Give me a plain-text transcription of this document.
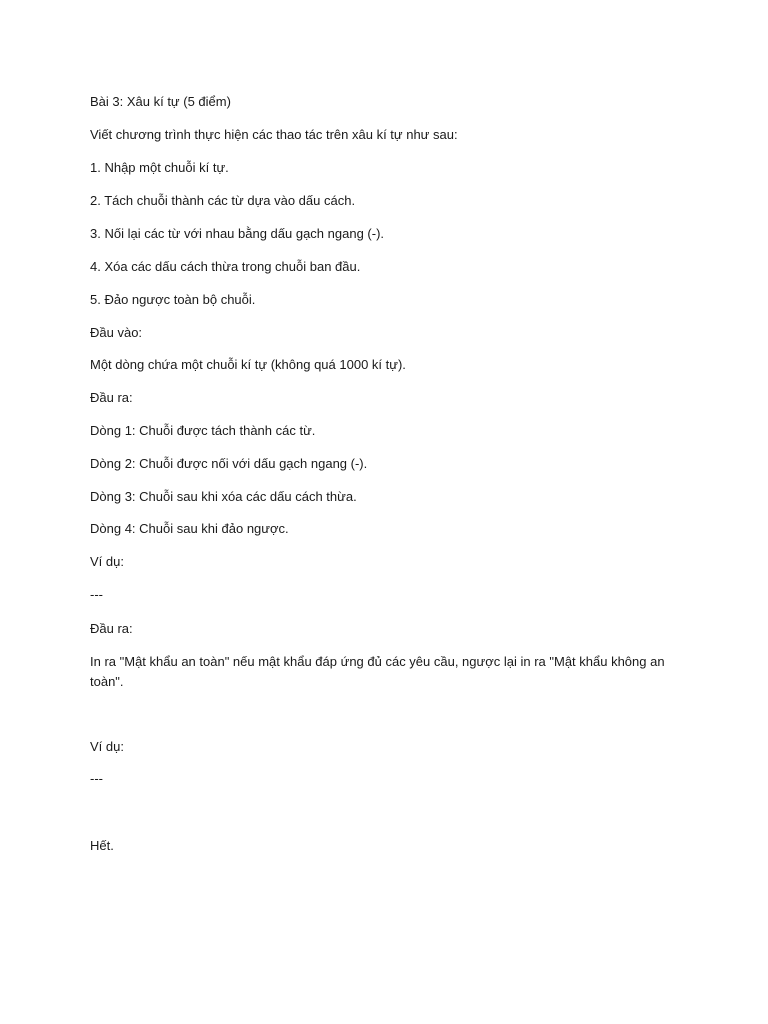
Bài 3: Xâu kí tự (5 điểm)
Viết chương trình thực hiện các thao tác trên xâu kí tự như sau:
1. Nhập một chuỗi kí tự.
2. Tách chuỗi thành các từ dựa vào dấu cách.
3. Nối lại các từ với nhau bằng dấu gạch ngang (-).
4. Xóa các dấu cách thừa trong chuỗi ban đầu.
5. Đảo ngược toàn bộ chuỗi.
Đầu vào:
Một dòng chứa một chuỗi kí tự (không quá 1000 kí tự).
Đầu ra:
Dòng 1: Chuỗi được tách thành các từ.
Dòng 2: Chuỗi được nối với dấu gạch ngang (-).
Dòng 3: Chuỗi sau khi xóa các dấu cách thừa.
Dòng 4: Chuỗi sau khi đảo ngược.
Ví dụ:
---
Đầu ra:
In ra "Mật khẩu an toàn" nếu mật khẩu đáp ứng đủ các yêu cầu, ngược lại in ra "Mật khẩu không an toàn".
Ví dụ:
---
Hết.
